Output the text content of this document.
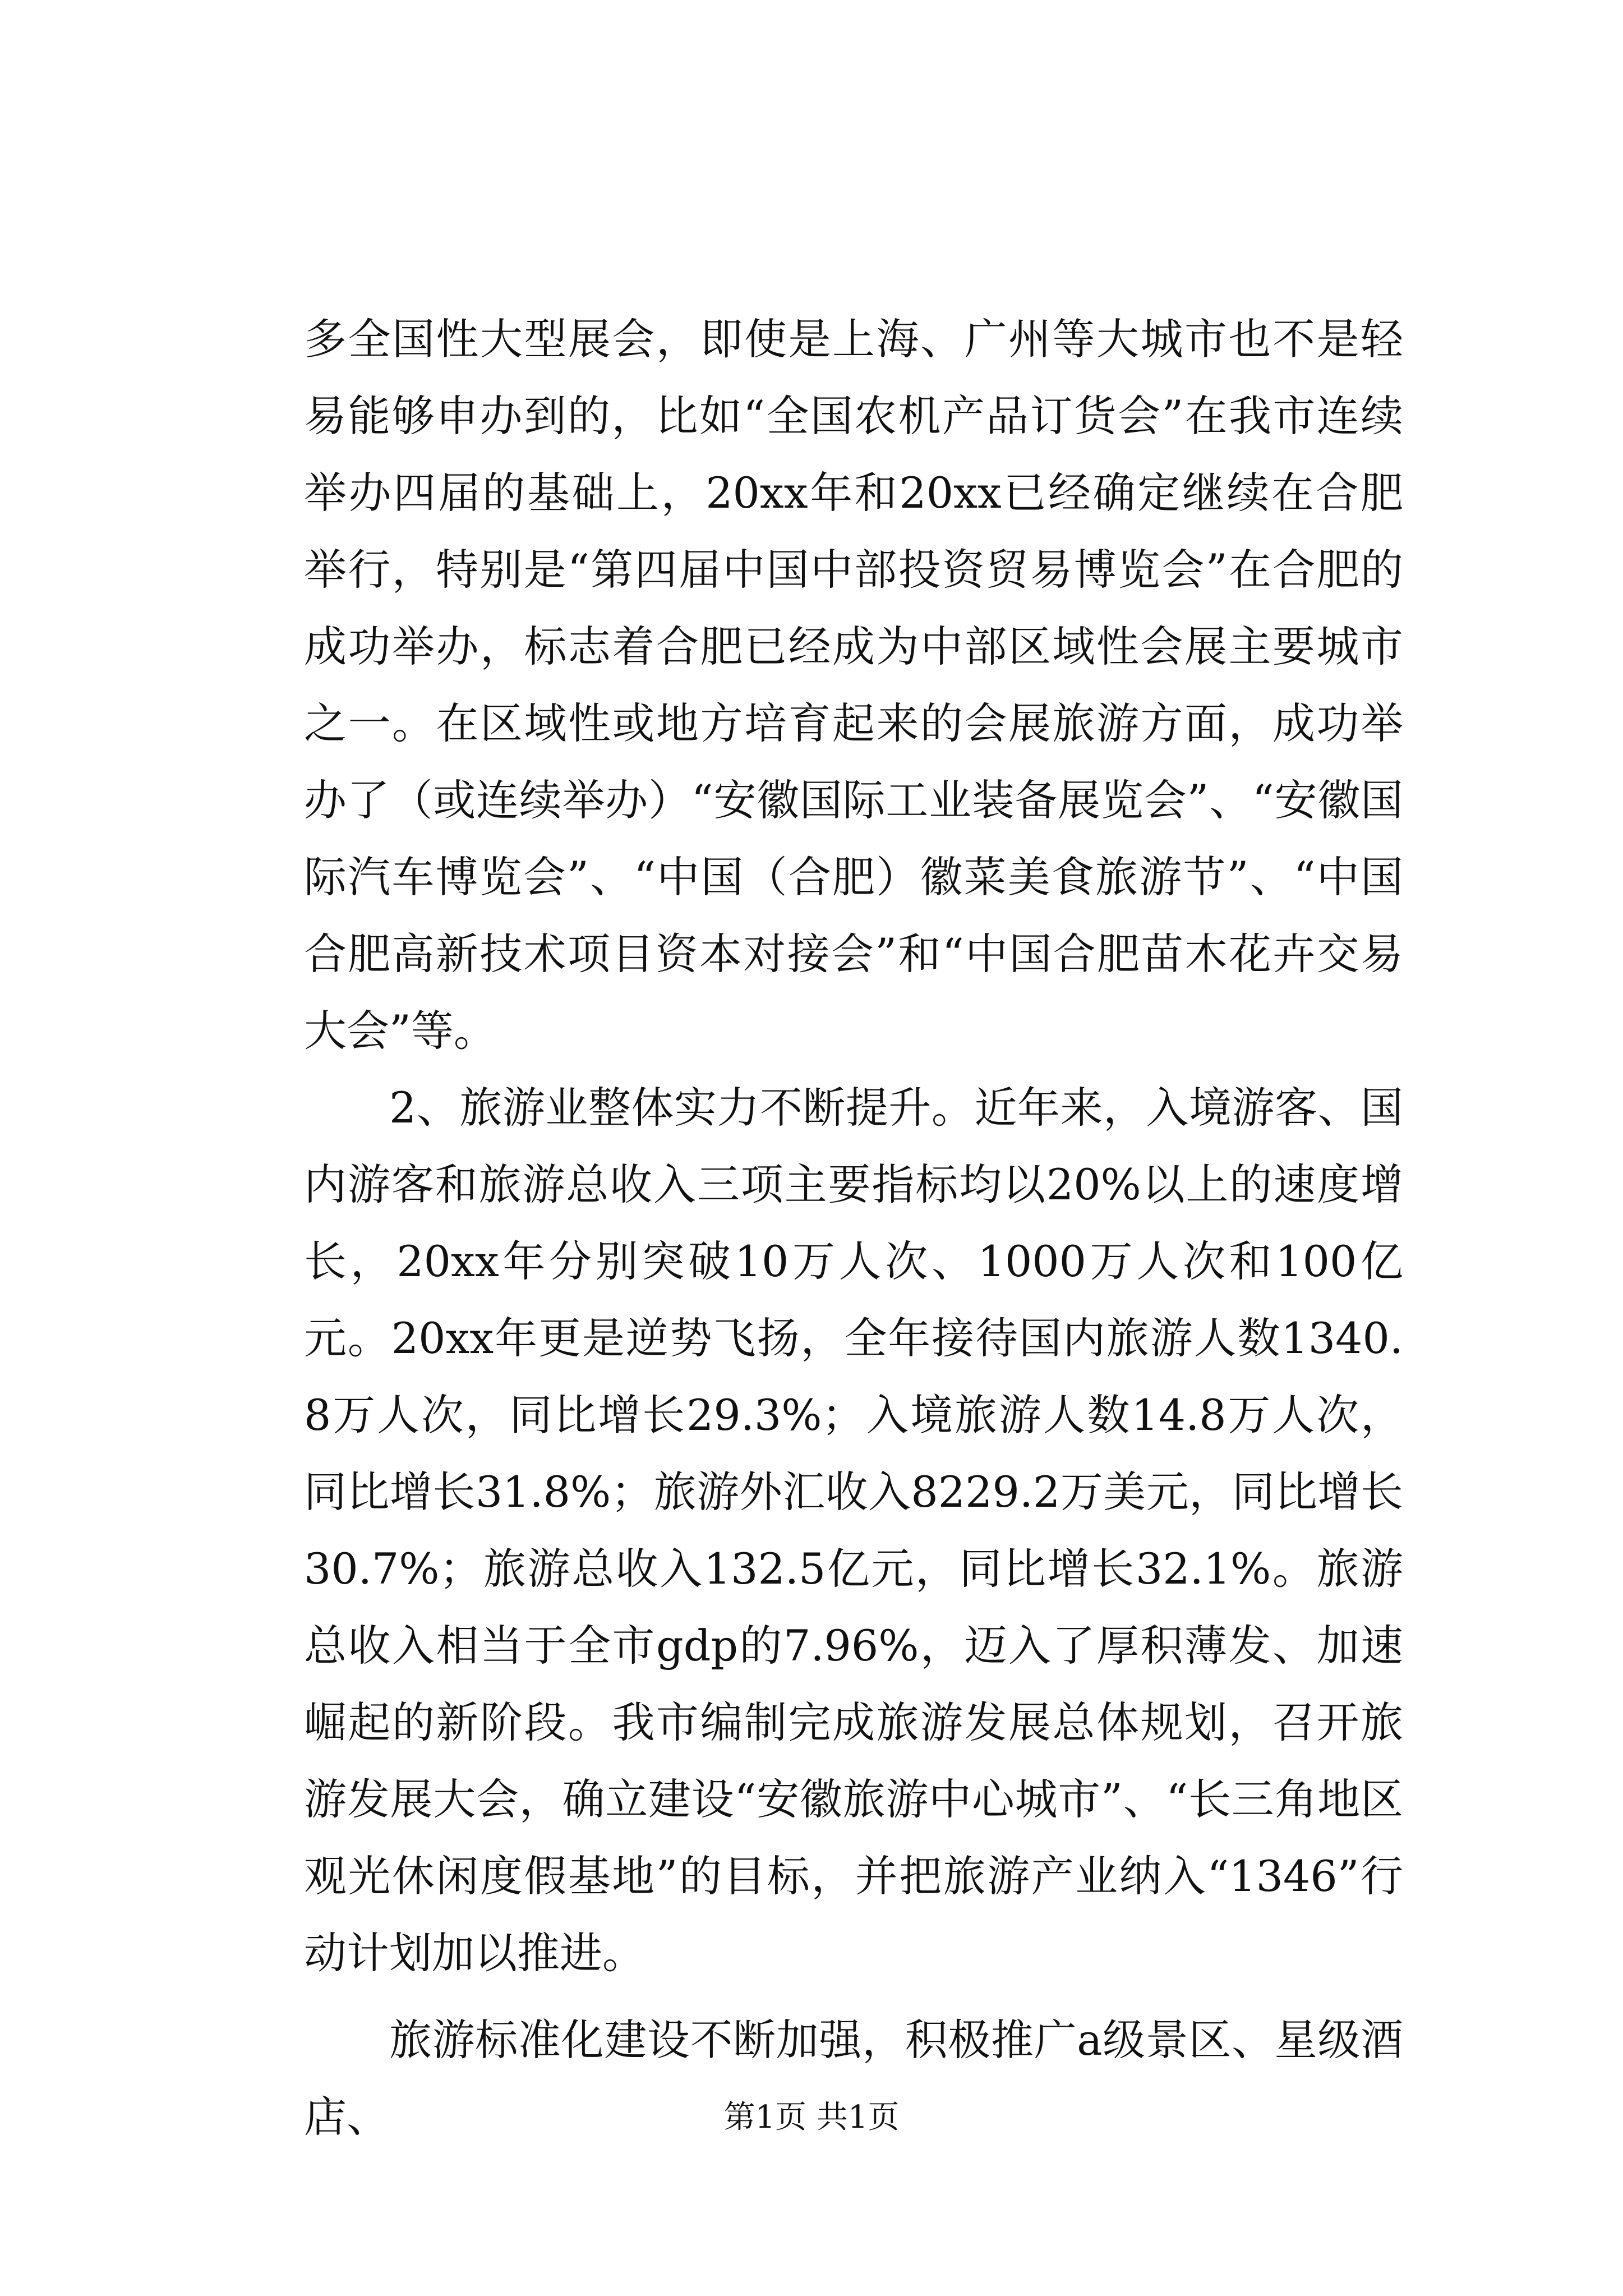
多全国性大型展会，即使是上海、广州等大城市也不是轻易能够申办到的，比如“全国农机产品订货会”在我市连续举办四届的基础上，20xx年和20xx已经确定继续在合肥举行，特别是“第四届中国中部投资贸易博览会”在合肥的成功举办，标志着合肥已经成为中部区域性会展主要城市之一。在区域性或地方培育起来的会展旅游方面，成功举办了（或连续举办）“安徽国际工业装备展览会”、“安徽国际汽车博览会”、“中国（合肥）徽菜美食旅游节”、“中国合肥高新技术项目资本对接会”和“中国合肥苗木花卉交易大会”等。

2、旅游业整体实力不断提升。近年来，入境游客、国内游客和旅游总收入三项主要指标均以20%以上的速度增长，20xx年分别突破10万人次、1000万人次和100亿元。20xx年更是逆势飞扬，全年接待国内旅游人数1340.8万人次，同比增长29.3%；入境旅游人数14.8万人次，同比增长31.8%；旅游外汇收入8229.2万美元，同比增长30.7%；旅游总收入132.5亿元，同比增长32.1%。旅游总收入相当于全市gdp的7.96%，迈入了厚积薄发、加速崛起的新阶段。我市编制完成旅游发展总体规划，召开旅游发展大会，确立建设“安徽旅游中心城市”、“长三角地区观光休闲度假基地”的目标，并把旅游产业纳入“1346”行动计划加以推进。

旅游标准化建设不断加强，积极推广a级景区、星级酒店、	第1页 共1页
